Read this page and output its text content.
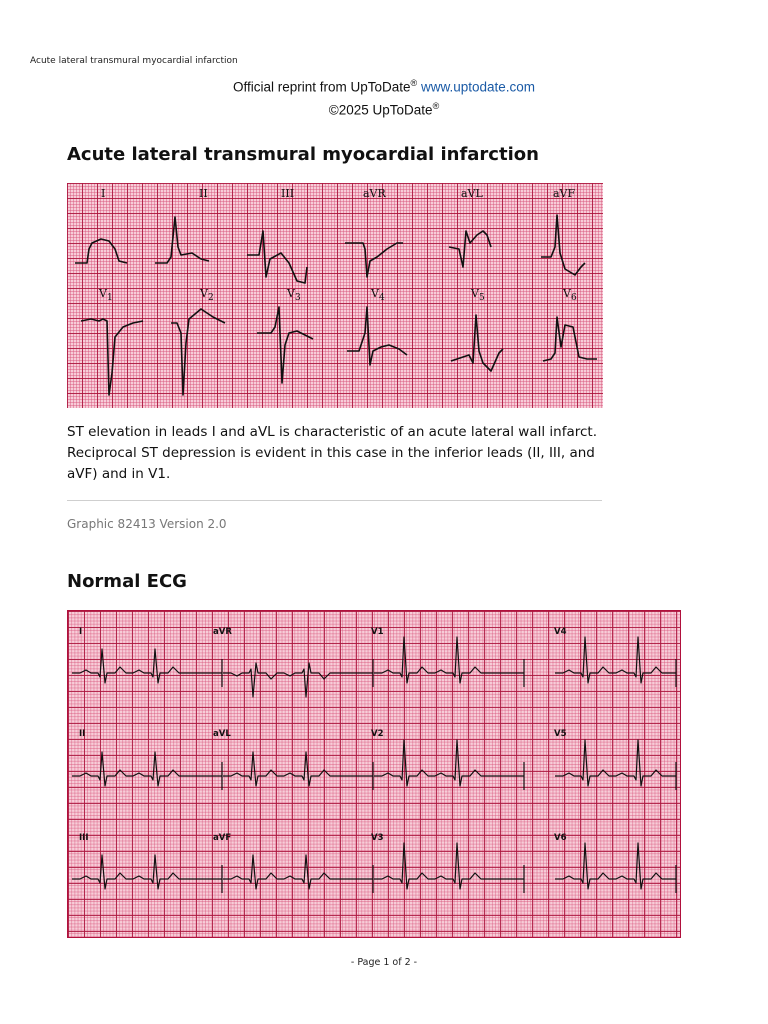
Acute lateral transmural myocardial infarction
Official reprint from UpToDate® www.uptodate.com
©2025 UpToDate®
Acute lateral transmural myocardial infarction
I	II	III	aVR	aVL	aVF
$V_1$	$V_2$	$V_3$	$V_4$	$V_5$	$V_6$

ST elevation in leads I and aVL is characteristic of an acute lateral wall infarct. Reciprocal ST depression is evident in this case in the inferior leads (II, III, and aVF) and in V1.

Graphic 82413 Version 2.0
Normal ECG
I	aVR	V1	V4
II	aVL	V2	V5
III	aVF	V3	V6
- Page 1 of 2 -
